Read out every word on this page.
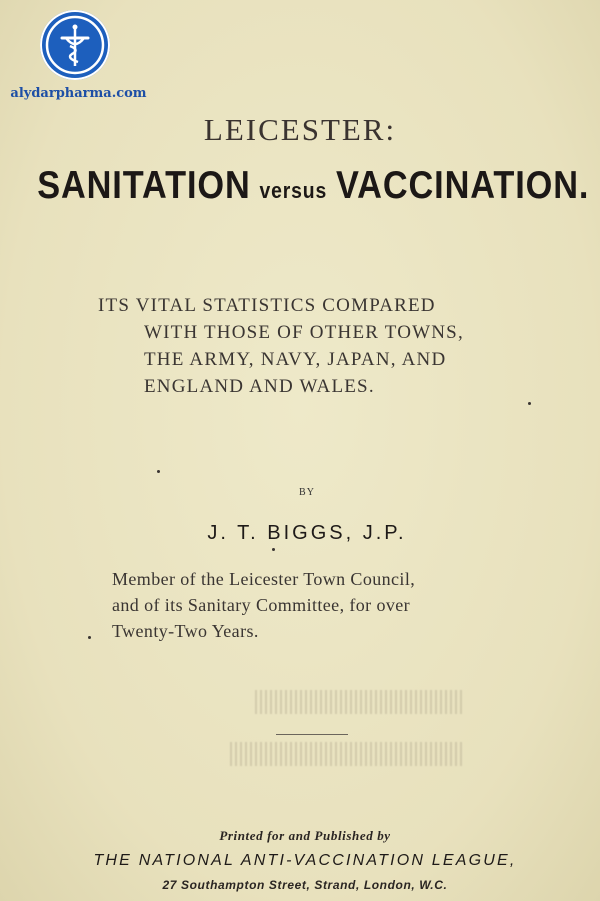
alydarpharma.com
LEICESTER:
SANITATION versus VACCINATION.
ITS VITAL STATISTICS COMPARED
WITH THOSE OF OTHER TOWNS,
THE ARMY, NAVY, JAPAN, AND
ENGLAND AND WALES.
BY
J. T. BIGGS, J.P.
Member of the Leicester Town Council,
and of its Sanitary Committee, for over
Twenty-Two Years.
Printed for and Published by
THE NATIONAL ANTI-VACCINATION LEAGUE,
27 Southampton Street, Strand, London, W.C.
